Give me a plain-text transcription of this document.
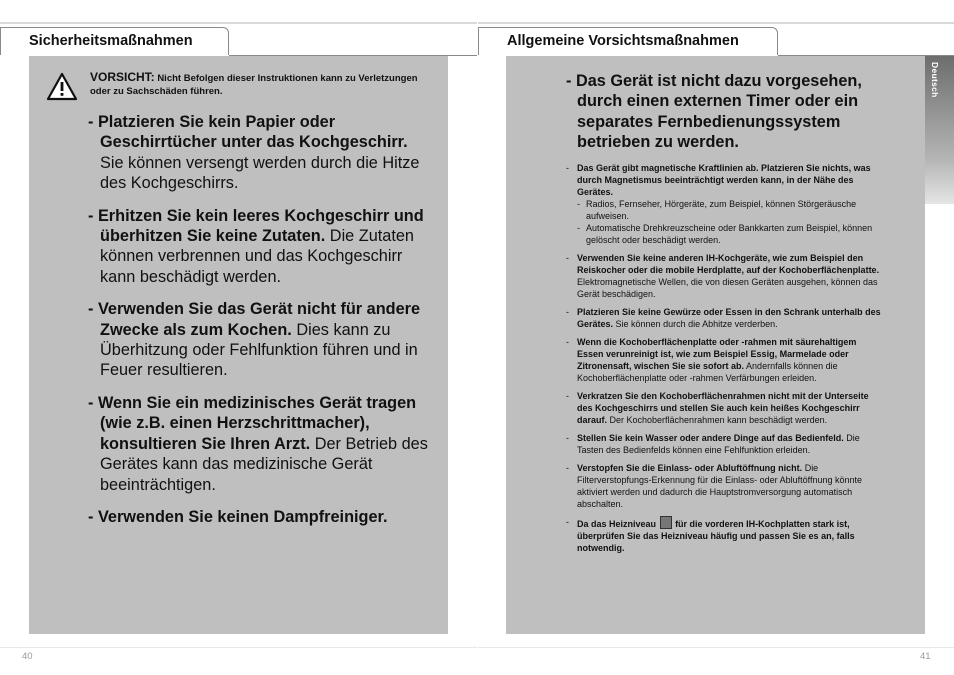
Sicherheitsmaßnahmen
VORSICHT: Nicht Befolgen dieser Instruktionen kann zu Verletzungen oder zu Sachschäden führen.
- Platzieren Sie kein Papier oder Geschirrtücher unter das Kochgeschirr. Sie können versengt werden durch die Hitze des Kochgeschirrs.
- Erhitzen Sie kein leeres Kochgeschirr und überhitzen Sie keine Zutaten. Die Zutaten können verbrennen und das Kochgeschirr kann beschädigt werden.
- Verwenden Sie das Gerät nicht für andere Zwecke als zum Kochen. Dies kann zu Überhitzung oder Fehlfunktion führen und in Feuer resultieren.
- Wenn Sie ein medizinisches Gerät tragen (wie z.B. einen Herzschrittmacher), konsultieren Sie Ihren Arzt. Der Betrieb des Gerätes kann das medizinische Gerät beeinträchtigen.
- Verwenden Sie keinen Dampfreiniger.
40
Allgemeine Vorsichtsmaßnahmen
Deutsch
- Das Gerät ist nicht dazu vorgesehen, durch einen externen Timer oder ein separates Fernbedienungssystem betrieben zu werden.
- Das Gerät gibt magnetische Kraftlinien ab. Platzieren Sie nichts, was durch Magnetismus beeinträchtigt werden kann, in der Nähe des Gerätes.
- Radios, Fernseher, Hörgeräte, zum Beispiel, können Störgeräusche aufweisen.
- Automatische Drehkreuzscheine oder Bankkarten zum Beispiel, können gelöscht oder beschädigt werden.
- Verwenden Sie keine anderen IH-Kochgeräte, wie zum Beispiel den Reiskocher oder die mobile Herdplatte, auf der Kochoberflächenplatte. Elektromagnetische Wellen, die von diesen Geräten ausgehen, können das Gerät beschädigen.
- Platzieren Sie keine Gewürze oder Essen in den Schrank unterhalb des Gerätes. Sie können durch die Abhitze verderben.
- Wenn die Kochoberflächenplatte oder -rahmen mit säurehaltigem Essen verunreinigt ist, wie zum Beispiel Essig, Marmelade oder Zitronensaft, wischen Sie sie sofort ab. Andernfalls können die Kochoberflächenplatte oder -rahmen Verfärbungen erleiden.
- Verkratzen Sie den Kochoberflächenrahmen nicht mit der Unterseite des Kochgeschirrs und stellen Sie auch kein heißes Kochgeschirr darauf. Der Kochoberflächenrahmen kann beschädigt werden.
- Stellen Sie kein Wasser oder andere Dinge auf das Bedienfeld. Die Tasten des Bedienfelds können eine Fehlfunktion erleiden.
- Verstopfen Sie die Einlass- oder Abluftöffnung nicht. Die Filterverstopfungs-Erkennung für die Einlass- oder Abluftöffnung könnte aktiviert werden und dadurch die Hauptstromversorgung automatisch abschalten.
- Da das Heizniveau für die vorderen IH-Kochplatten stark ist, überprüfen Sie das Heizniveau häufig und passen Sie es an, falls notwendig.
41
